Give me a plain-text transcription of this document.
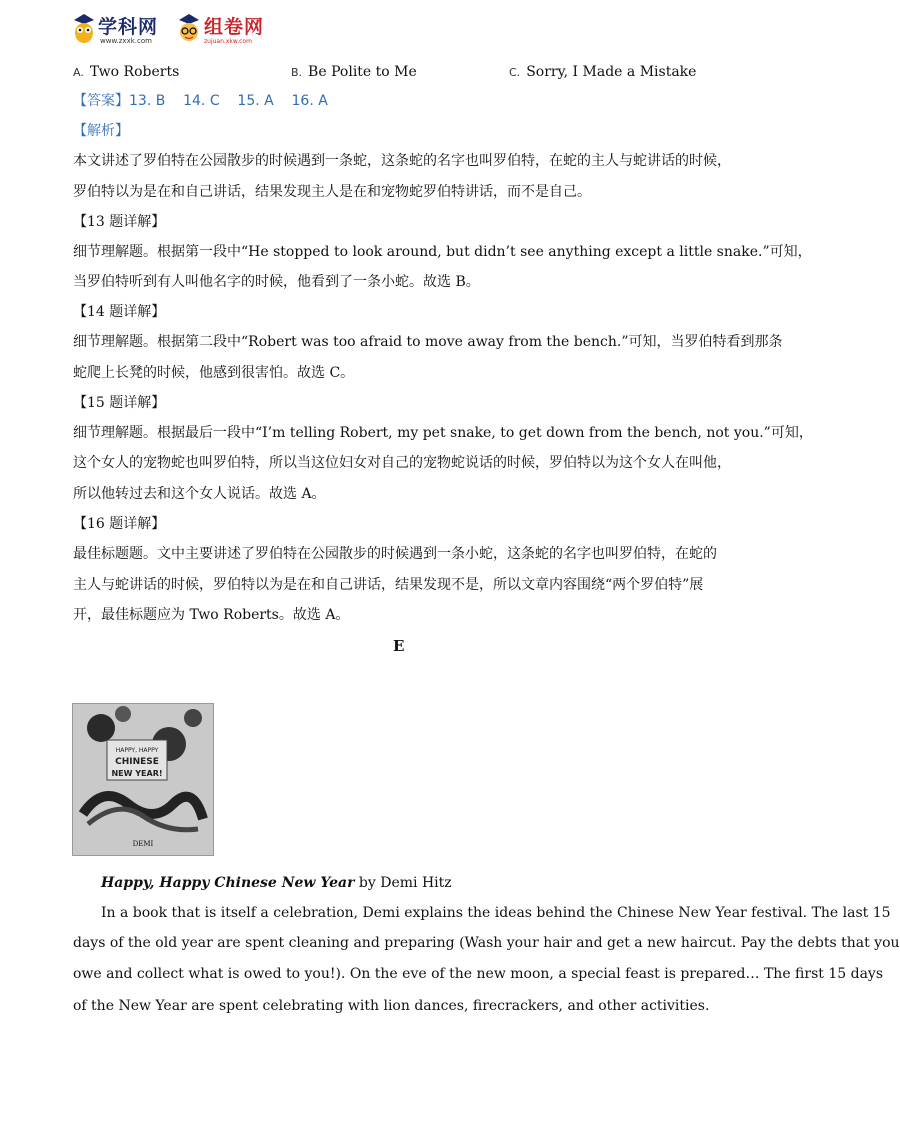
学科网
www.zxxk.com
组卷网
zujuan.xkw.com
A. Two Roberts	B. Be Polite to Me	C. Sorry, I Made a Mistake
【答案】13. B    14. C    15. A    16. A
【解析】
本文讲述了罗伯特在公园散步的时候遇到一条蛇，这条蛇的名字也叫罗伯特，在蛇的主人与蛇讲话的时候，
罗伯特以为是在和自己讲话，结果发现主人是在和宠物蛇罗伯特讲话，而不是自己。
【13 题详解】
细节理解题。根据第一段中“He stopped to look around, but didn’t see anything except a little snake.”可知，
当罗伯特听到有人叫他名字的时候，他看到了一条小蛇。故选 B。
【14 题详解】
细节理解题。根据第二段中“Robert was too afraid to move away from the bench.”可知，当罗伯特看到那条
蛇爬上长凳的时候，他感到很害怕。故选 C。
【15 题详解】
细节理解题。根据最后一段中“I’m telling Robert, my pet snake, to get down from the bench, not you.”可知，
这个女人的宠物蛇也叫罗伯特，所以当这位妇女对自己的宠物蛇说话的时候，罗伯特以为这个女人在叫他，
所以他转过去和这个女人说话。故选 A。
【16 题详解】
最佳标题题。文中主要讲述了罗伯特在公园散步的时候遇到一条小蛇，这条蛇的名字也叫罗伯特，在蛇的
主人与蛇讲话的时候，罗伯特以为是在和自己讲话，结果发现不是，所以文章内容围绕“两个罗伯特”展
开，最佳标题应为 Two Roberts。故选 A。
E
HAPPY, HAPPY
CHINESE
NEW YEAR!
DEMI
Happy, Happy Chinese New Year by Demi Hitz
In a book that is itself a celebration, Demi explains the ideas behind the Chinese New Year festival. The last 15
days of the old year are spent cleaning and preparing (Wash your hair and get a new haircut. Pay the debts that you
owe and collect what is owed to you!). On the eve of the new moon, a special feast is prepared… The first 15 days
of the New Year are spent celebrating with lion dances, firecrackers, and other activities.
